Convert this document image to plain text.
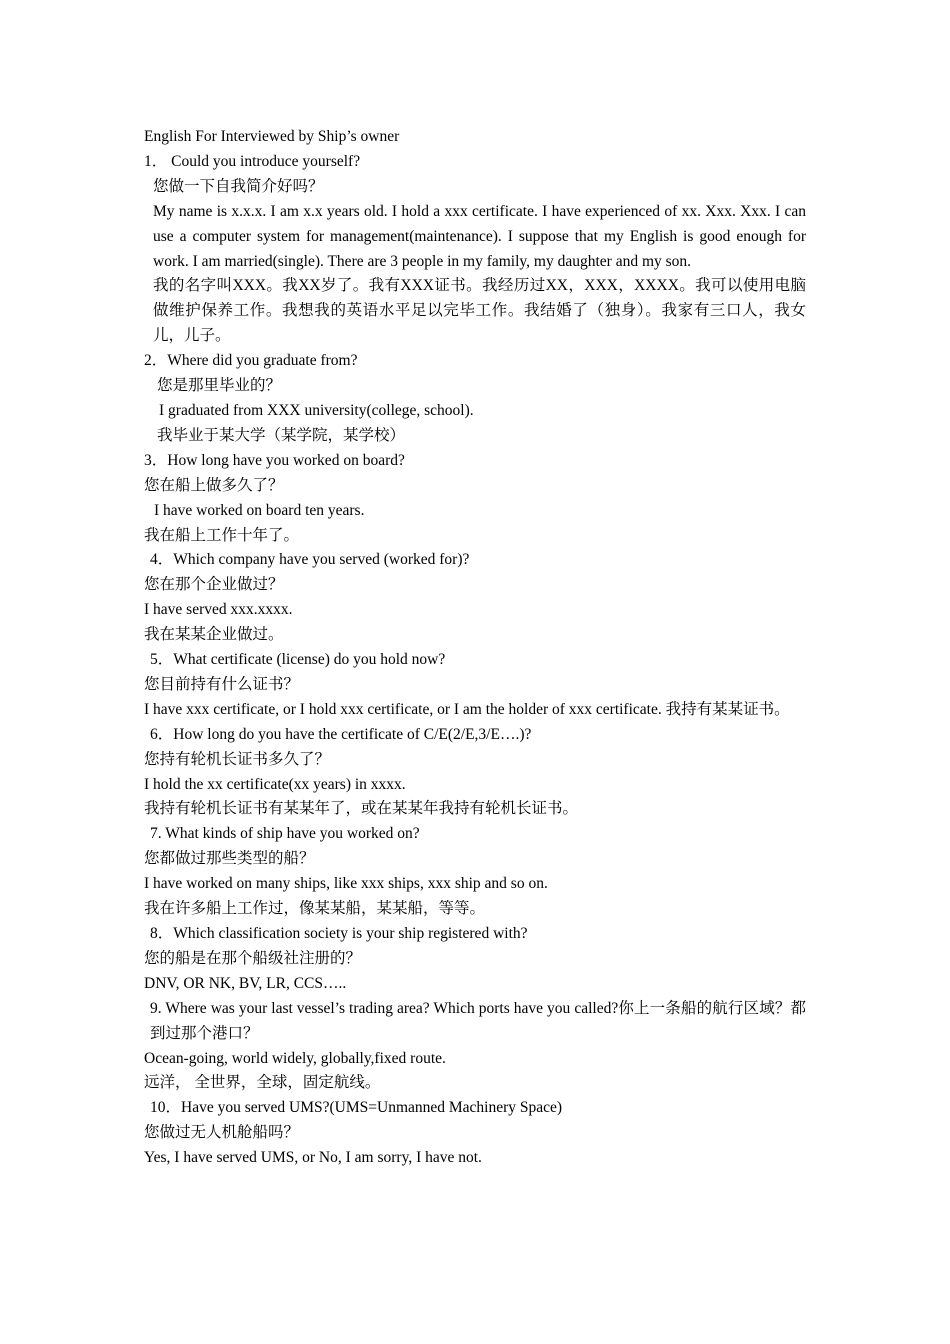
English For Interviewed by Ship’s owner
1． Could you introduce yourself?
您做一下自我简介好吗？
My name is x.x.x. I am x.x years old. I hold a xxx certificate. I have experienced of xx. Xxx. Xxx. I can use a computer system for management(maintenance). I suppose that my English is good enough for work. I am married(single). There are 3 people in my family, my daughter and my son.
我的名字叫XXX。我XX岁了。我有XXX证书。我经历过XX，XXX，XXXX。我可以使用电脑做维护保养工作。我想我的英语水平足以完毕工作。我结婚了（独身）。我家有三口人，我女儿，儿子。
2．Where did you graduate from?
您是那里毕业的？
I graduated from XXX university(college, school).
我毕业于某大学（某学院，某学校）
3．How long have you worked on board?
您在船上做多久了？
I have worked on board ten years.
我在船上工作十年了。
4．Which company have you served (worked for)?
您在那个企业做过？
I have served xxx.xxxx.
我在某某企业做过。
5．What certificate (license) do you hold now?
您目前持有什么证书？
I have xxx certificate, or I hold xxx certificate, or I am the holder of xxx certificate. 我持有某某证书。
6．How long do you have the certificate of C/E(2/E,3/E….)?
您持有轮机长证书多久了？
I hold the xx certificate(xx years) in xxxx.
我持有轮机长证书有某某年了，或在某某年我持有轮机长证书。
7. What kinds of ship have you worked on?
您都做过那些类型的船？
I have worked on many ships, like xxx ships, xxx ship and so on.
我在许多船上工作过，像某某船，某某船，等等。
8．Which classification society is your ship registered with?
您的船是在那个船级社注册的？
DNV, OR NK, BV, LR, CCS…..
9. Where was your last vessel’s trading area? Which ports have you called?你上一条船的航行区域？都到过那个港口？
Ocean-going, world widely, globally,fixed route.
远洋， 全世界，全球，固定航线。
10．Have you served UMS?(UMS=Unmanned Machinery Space)
您做过无人机舱船吗？
Yes, I have served UMS, or No, I am sorry, I have not.
